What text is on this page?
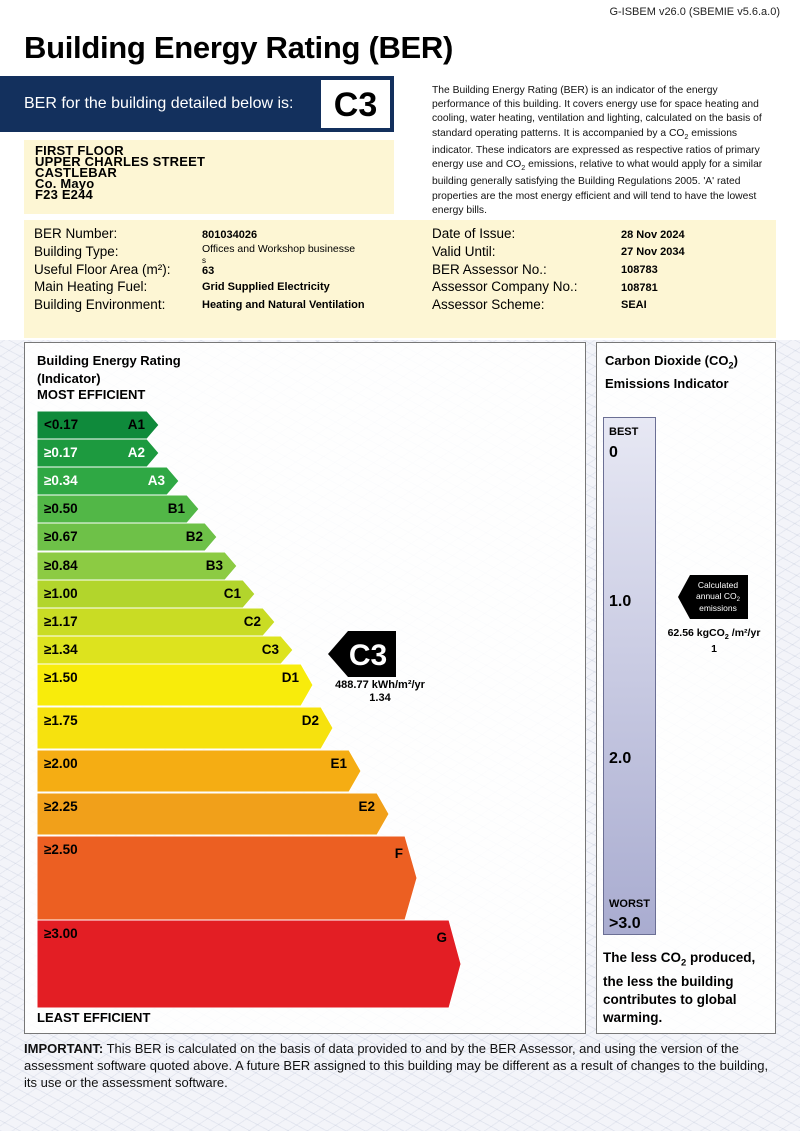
G-ISBEM v26.0 (SBEMIE v5.6.a.0)
Building Energy Rating (BER)
BER for the building detailed below is:	C3
FIRST FLOOR
UPPER CHARLES STREET
CASTLEBAR
Co. Mayo
F23 E244
The Building Energy Rating (BER) is an indicator of the energy performance of this building. It covers energy use for space heating and cooling, water heating, ventilation and lighting, calculated on the basis of standard operating patterns. It is accompanied by a $CO_2$ emissions indicator. These indicators are expressed as respective ratios of primary energy use and $CO_2$ emissions, relative to what would apply for a similar building generally satisfying the Building Regulations 2005. 'A' rated properties are the most energy efficient and will tend to have the lowest energy bills.
BER Number:	801034026
Building Type:	Offices and Workshop businesse
s
Useful Floor Area (m²):	63
Main Heating Fuel:	Grid Supplied Electricity
Building Environment:	Heating and Natural Ventilation
Date of Issue:	28 Nov 2024
Valid Until:	27 Nov 2034
BER Assessor No.:	108783
Assessor Company No.:	108781
Assessor Scheme:	SEAI
Building Energy Rating
(Indicator)
MOST EFFICIENT
<0.17	A1
≥0.17	A2
≥0.34	A3
≥0.50	B1
≥0.67	B2
≥0.84	B3
≥1.00	C1
≥1.17	C2
≥1.34	C3
≥1.50	D1
≥1.75	D2
≥2.00	E1
≥2.25	E2
≥2.50	F
≥3.00	G
C3
488.77 kWh/m²/yr
1.34
LEAST EFFICIENT
Carbon Dioxide $(CO_2)$
Emissions Indicator
BEST
0
1.0
2.0
WORST
>3.0
Calculated
annual $CO_2$
emissions
62.56 kgCO$_2$ /m²/yr
1
The less $CO_2$ produced, the less the building contributes to global warming.
IMPORTANT: This BER is calculated on the basis of data provided to and by the BER Assessor, and using the version of the assessment software quoted above. A future BER assigned to this building may be different as a result of changes to the building, its use or the assessment software.
